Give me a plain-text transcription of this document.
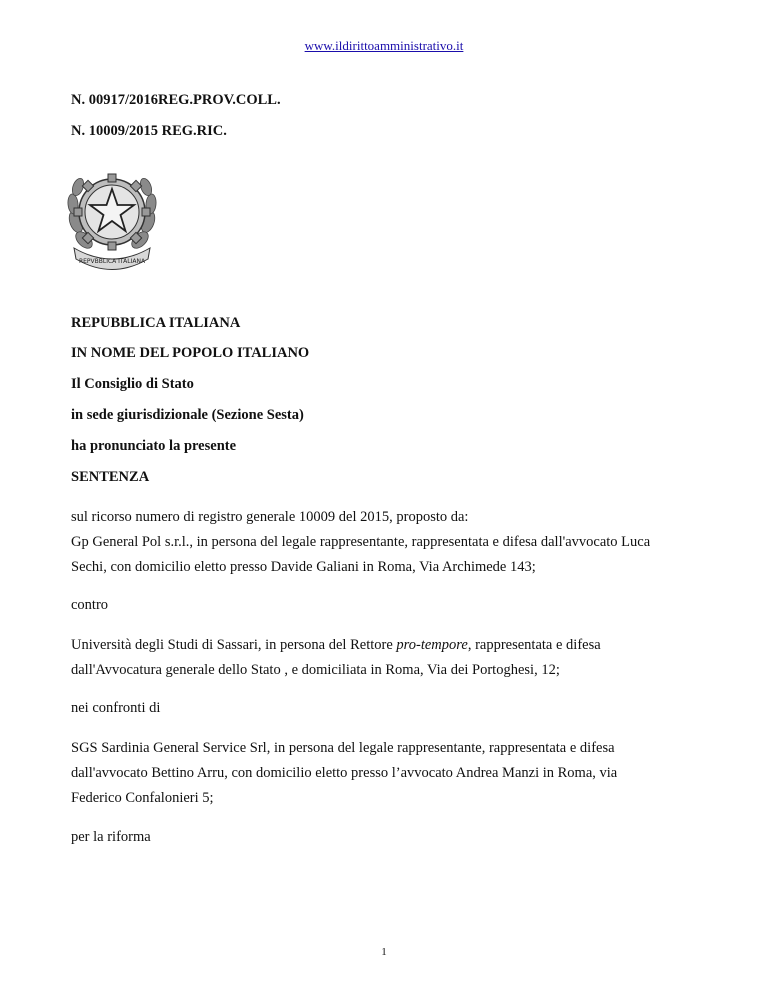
www.ildirittoamministrativo.it
N. 00917/2016REG.PROV.COLL.
N. 10009/2015 REG.RIC.
REPVBBLICA ITALIANA
REPUBBLICA ITALIANA
IN NOME DEL POPOLO ITALIANO
Il Consiglio di Stato
in sede giurisdizionale (Sezione Sesta)
ha pronunciato la presente
SENTENZA
sul ricorso numero di registro generale 10009 del 2015, proposto da:
Gp General Pol s.r.l., in persona del legale rappresentante, rappresentata e difesa dall'avvocato Luca
Sechi, con domicilio eletto presso Davide Galiani in Roma, Via Archimede 143;
contro
Università degli Studi di Sassari, in persona del Rettore pro-tempore, rappresentata e difesa
dall'Avvocatura generale dello Stato , e domiciliata in Roma, Via dei Portoghesi, 12;
nei confronti di
SGS Sardinia General Service Srl, in persona del legale rappresentante, rappresentata e difesa
dall'avvocato Bettino Arru, con domicilio eletto presso l’avvocato Andrea Manzi in Roma, via
Federico Confalonieri 5;
per la riforma
1
